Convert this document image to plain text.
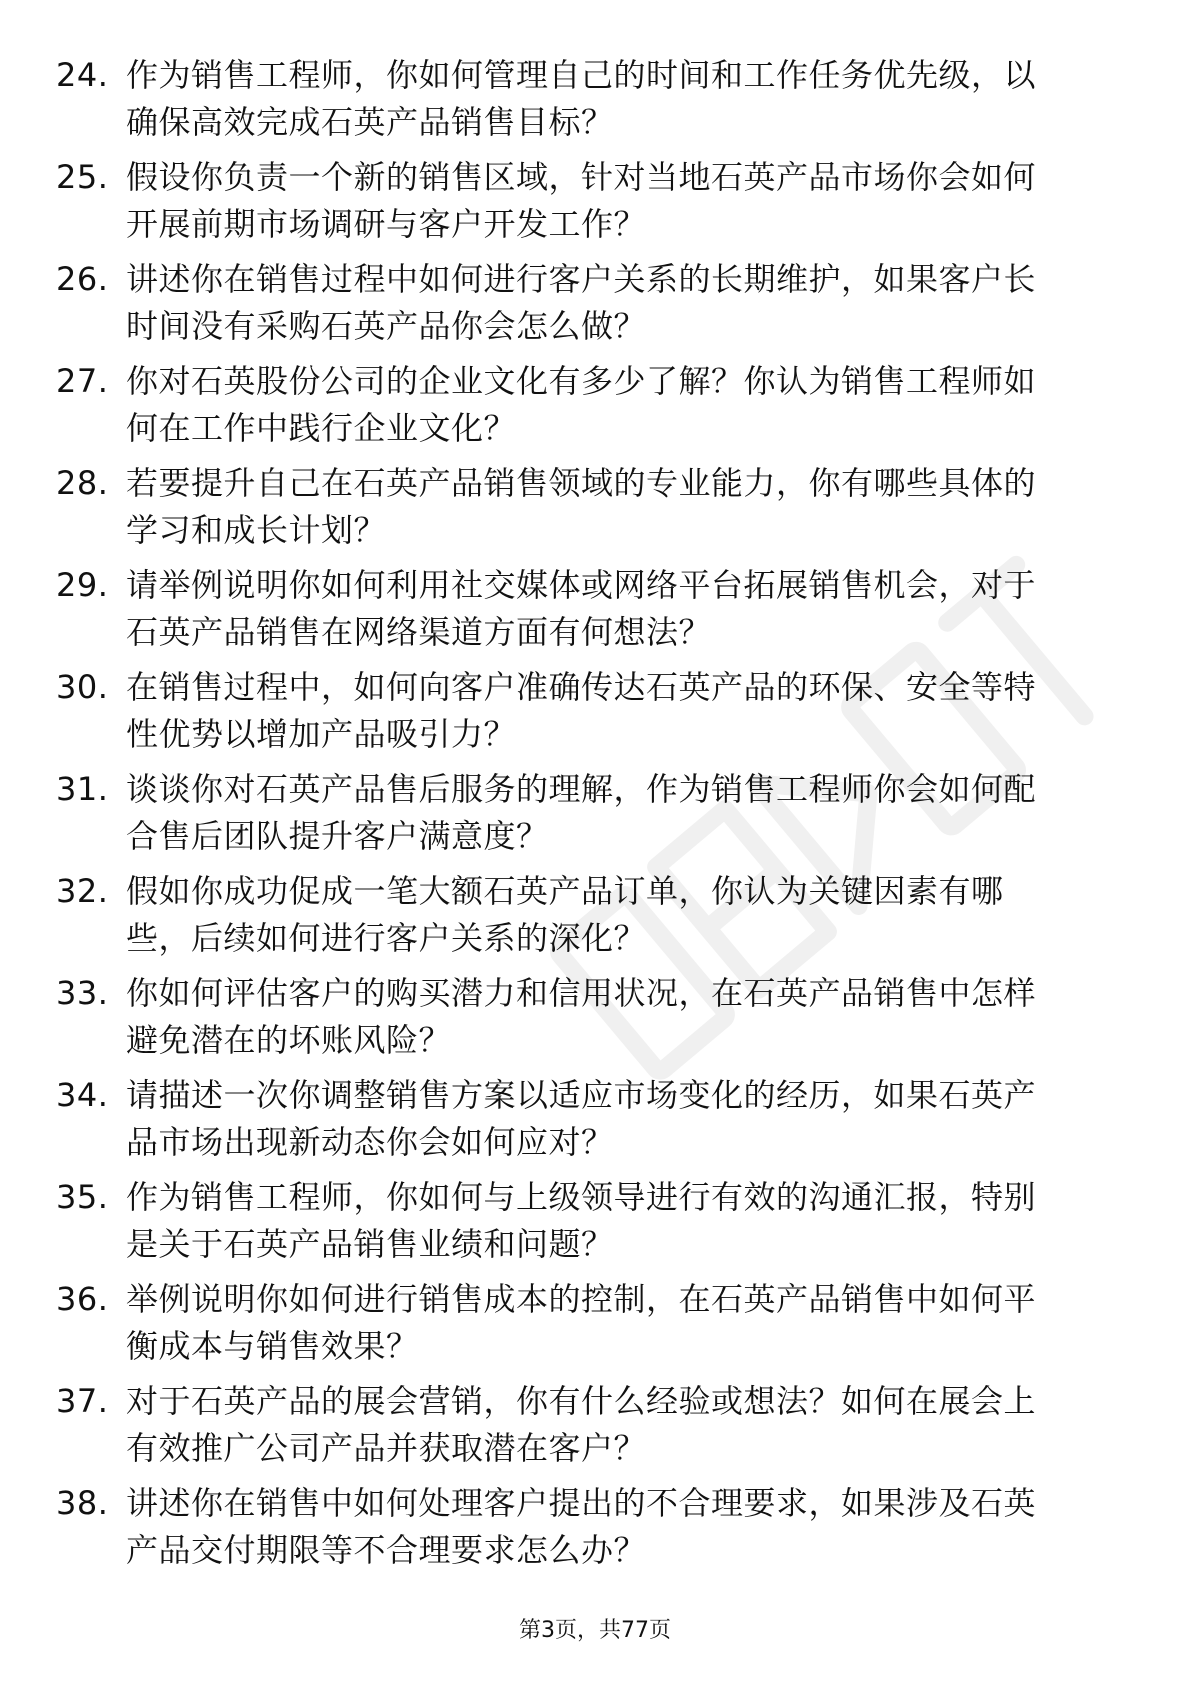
24. 作为销售工程师，你如何管理自己的时间和工作任务优先级，以
确保高效完成石英产品销售目标？
25. 假设你负责一个新的销售区域，针对当地石英产品市场你会如何
开展前期市场调研与客户开发工作？
26. 讲述你在销售过程中如何进行客户关系的长期维护，如果客户长
时间没有采购石英产品你会怎么做？
27. 你对石英股份公司的企业文化有多少了解？你认为销售工程师如
何在工作中践行企业文化？
28. 若要提升自己在石英产品销售领域的专业能力，你有哪些具体的
学习和成长计划？
29. 请举例说明你如何利用社交媒体或网络平台拓展销售机会，对于
石英产品销售在网络渠道方面有何想法？
30. 在销售过程中，如何向客户准确传达石英产品的环保、安全等特
性优势以增加产品吸引力？
31. 谈谈你对石英产品售后服务的理解，作为销售工程师你会如何配
合售后团队提升客户满意度？
32. 假如你成功促成一笔大额石英产品订单，你认为关键因素有哪
些，后续如何进行客户关系的深化？
33. 你如何评估客户的购买潜力和信用状况，在石英产品销售中怎样
避免潜在的坏账风险？
34. 请描述一次你调整销售方案以适应市场变化的经历，如果石英产
品市场出现新动态你会如何应对？
35. 作为销售工程师，你如何与上级领导进行有效的沟通汇报，特别
是关于石英产品销售业绩和问题？
36. 举例说明你如何进行销售成本的控制，在石英产品销售中如何平
衡成本与销售效果？
37. 对于石英产品的展会营销，你有什么经验或想法？如何在展会上
有效推广公司产品并获取潜在客户？
38. 讲述你在销售中如何处理客户提出的不合理要求，如果涉及石英
产品交付期限等不合理要求怎么办？
第3页，共77页
